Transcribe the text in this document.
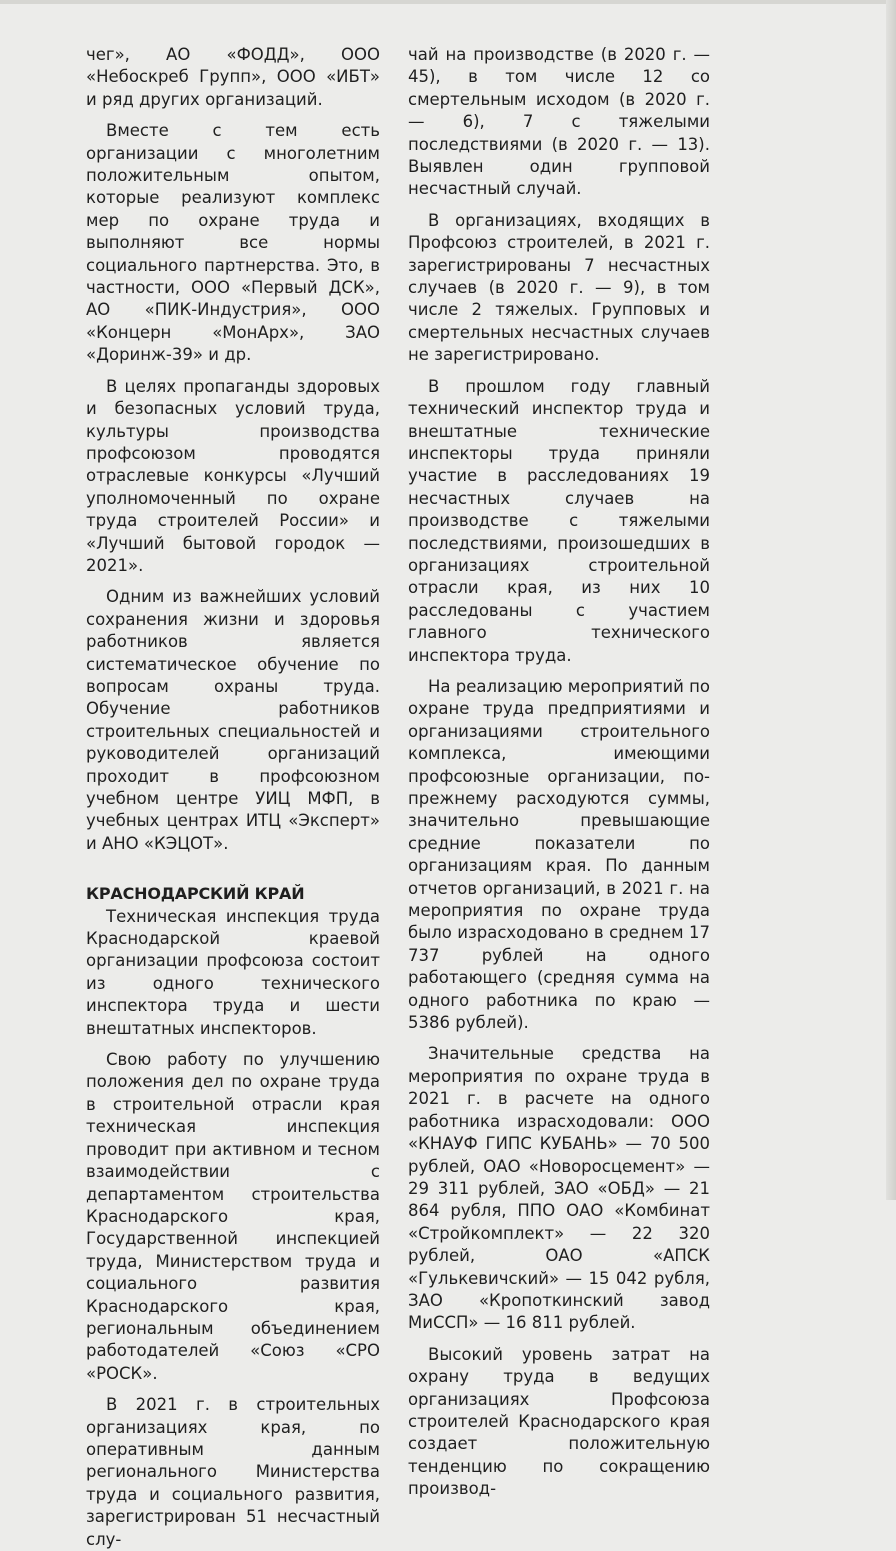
чег», АО «ФОДД», ООО «Небоскреб Групп», ООО «ИБТ» и ряд других организаций.

Вместе с тем есть организации с многолетним положительным опытом, которые реализуют комплекс мер по охране труда и выполняют все нормы социального партнерства. Это, в частности, ООО «Первый ДСК», АО «ПИК-Индустрия», ООО «Концерн «МонАрх», ЗАО «Доринж-39» и др.

В целях пропаганды здоровых и безопасных условий труда, культуры производства профсоюзом проводятся отраслевые конкурсы «Лучший уполномоченный по охране труда строителей России» и «Лучший бытовой городок — 2021».

Одним из важнейших условий сохранения жизни и здоровья работников является систематическое обучение по вопросам охраны труда. Обучение работников строительных специальностей и руководителей организаций проходит в профсоюзном учебном центре УИЦ МФП, в учебных центрах ИТЦ «Эксперт» и АНО «КЭЦОТ».

КРАСНОДАРСКИЙ КРАЙ

Техническая инспекция труда Краснодарской краевой организации профсоюза состоит из одного технического инспектора труда и шести внештатных инспекторов.

Свою работу по улучшению положения дел по охране труда в строительной отрасли края техническая инспекция проводит при активном и тесном взаимодействии с департаментом строительства Краснодарского края, Государственной инспекцией труда, Министерством труда и социального развития Краснодарского края, региональным объединением работодателей «Союз «СРО «РОСК».

В 2021 г. в строительных организациях края, по оперативным данным регионального Министерства труда и социального развития, зарегистрирован 51 несчастный слу-

чай на производстве (в 2020 г. — 45), в том числе 12 со смертельным исходом (в 2020 г. — 6), 7 с тяжелыми последствиями (в 2020 г. — 13). Выявлен один групповой несчастный случай.

В организациях, входящих в Профсоюз строителей, в 2021 г. зарегистрированы 7 несчастных случаев (в 2020 г. — 9), в том числе 2 тяжелых. Групповых и смертельных несчастных случаев не зарегистрировано.

В прошлом году главный технический инспектор труда и внештатные технические инспекторы труда приняли участие в расследованиях 19 несчастных случаев на производстве с тяжелыми последствиями, произошедших в организациях строительной отрасли края, из них 10 расследованы с участием главного технического инспектора труда.

На реализацию мероприятий по охране труда предприятиями и организациями строительного комплекса, имеющими профсоюзные организации, по-прежнему расходуются суммы, значительно превышающие средние показатели по организациям края. По данным отчетов организаций, в 2021 г. на мероприятия по охране труда было израсходовано в среднем 17 737 рублей на одного работающего (средняя сумма на одного работника по краю — 5386 рублей).

Значительные средства на мероприятия по охране труда в 2021 г. в расчете на одного работника израсходовали: ООО «КНАУФ ГИПС КУБАНЬ» — 70 500 рублей, ОАО «Новоросцемент» — 29 311 рублей, ЗАО «ОБД» — 21 864 рубля, ППО ОАО «Комбинат «Стройкомплект» — 22 320 рублей, ОАО «АПСК «Гулькевичский» — 15 042 рубля, ЗАО «Кропоткинский завод МиССП» — 16 811 рублей.

Высокий уровень затрат на охрану труда в ведущих организациях Профсоюза строителей Краснодарского края создает положительную тенденцию по сокращению производ-
